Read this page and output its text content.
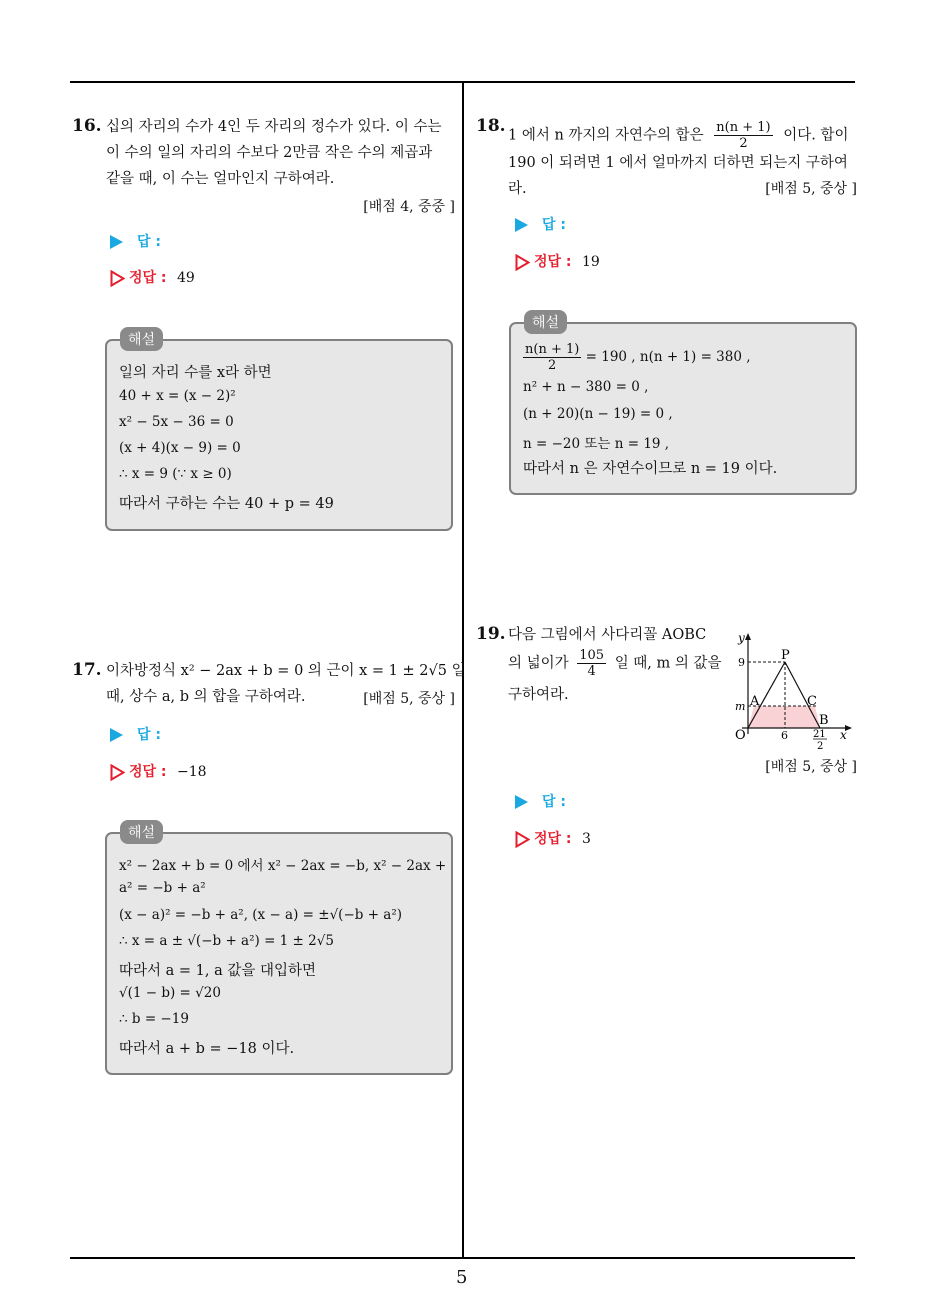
16. 십의 자리의 수가 4인 두 자리의 정수가 있다. 이 수는
이 수의 일의 자리의 수보다 2만큼 작은 수의 제곱과
같을 때, 이 수는 얼마인지 구하여라.
[배점 4, 중중 ]
답 :
정답 : 49
일의 자리 수를 x라 하면
40 + x = (x − 2)²
x² − 5x − 36 = 0
(x + 4)(x − 9) = 0
∴ x = 9 (∵ x ≥ 0)
따라서 구하는 수는 40 + p = 49
해설
17. 이차방정식 x² − 2ax + b = 0 의 근이 x = 1 ± 2√5 일
때, 상수 a, b 의 합을 구하여라.	[배점 5, 중상 ]
답 :
정답 : −18
x² − 2ax + b = 0 에서 x² − 2ax = −b, x² − 2ax +
a² = −b + a²
(x − a)² = −b + a², (x − a) = ±√(−b + a²)
∴ x = a ± √(−b + a²) = 1 ± 2√5
따라서 a = 1, a 값을 대입하면
√(1 − b) = √20
∴ b = −19
따라서 a + b = −18 이다.
해설
18. 1 에서 n 까지의 자연수의 합은 $\frac{n(n + 1)}{2}$ 이다. 합이
190 이 되려면 1 에서 얼마까지 더하면 되는지 구하여
라.	[배점 5, 중상 ]
답 :
정답 : 19
$\frac{n(n + 1)}{2} = 190$ , n(n + 1) = 380 ,
n² + n − 380 = 0 ,
(n + 20)(n − 19) = 0 ,
n = −20 또는 n = 19 ,
따라서 n 은 자연수이므로 n = 19 이다.
해설
19. 다음 그림에서 사다리꼴 AOBC
의 넓이가 $\frac{105}{4}$ 일 때, m 의 값을
구하여라.
y
x
P
A	C
B
O
9
m
6	21
2
[배점 5, 중상 ]
답 :
정답 : 3
5
